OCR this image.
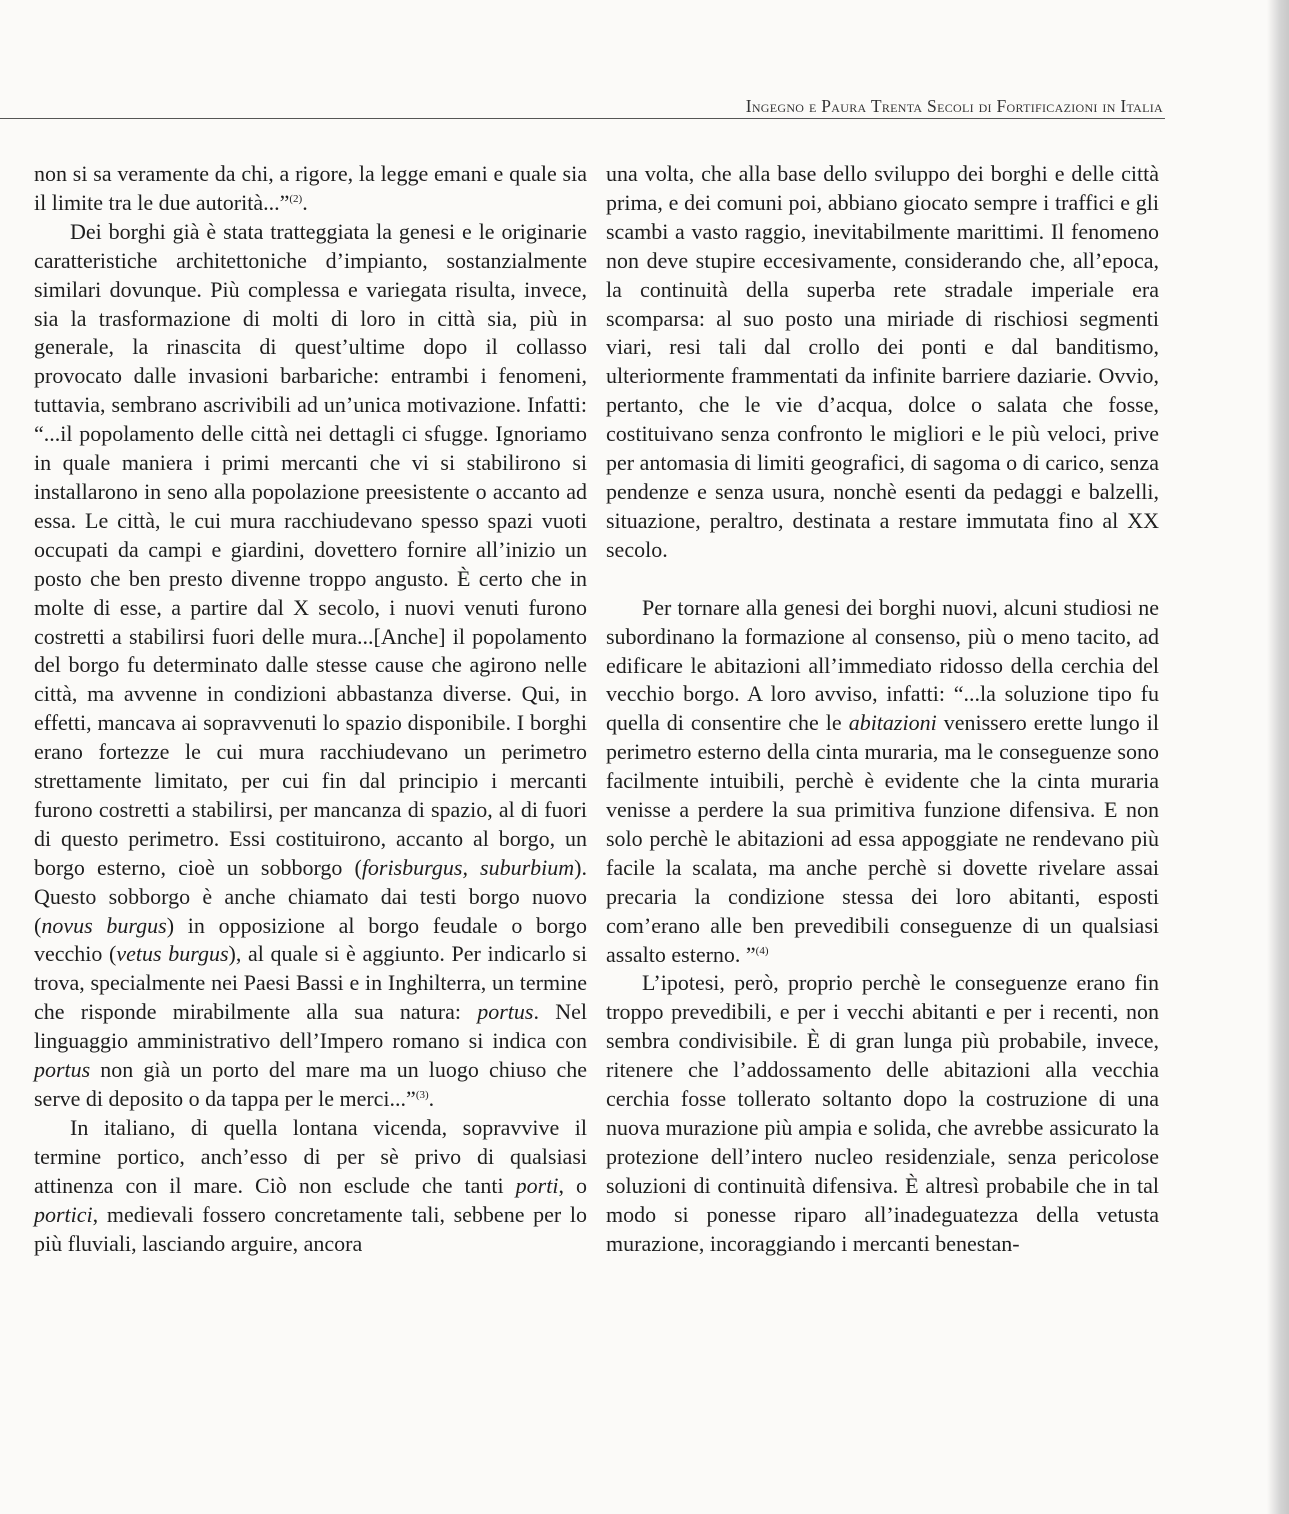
Ingegno e Paura Trenta Secoli di Fortificazioni in Italia

non si sa veramente da chi, a rigore, la legge emani e quale sia il limite tra le due autorità...”$^{(2)}$.

Dei borghi già è stata tratteggiata la genesi e le originarie caratteristiche architettoniche d’impianto, sostanzialmente similari dovunque. Più complessa e variegata risulta, invece, sia la trasformazione di molti di loro in città sia, più in generale, la rinascita di quest’ultime dopo il collasso provocato dalle invasioni barbariche: entrambi i fenomeni, tuttavia, sembrano ascrivibili ad un’unica motivazione. Infatti: “...il popolamento delle città nei dettagli ci sfugge. Ignoriamo in quale maniera i primi mercanti che vi si stabilirono si installarono in seno alla popolazione preesistente o accanto ad essa. Le città, le cui mura racchiudevano spesso spazi vuoti occupati da campi e giardini, dovettero fornire all’inizio un posto che ben presto divenne troppo angusto. È certo che in molte di esse, a partire dal X secolo, i nuovi venuti furono costretti a stabilirsi fuori delle mura...[Anche] il popolamento del borgo fu determinato dalle stesse cause che agirono nelle città, ma avvenne in condizioni abbastanza diverse. Qui, in effetti, mancava ai sopravvenuti lo spazio disponibile. I borghi erano fortezze le cui mura racchiudevano un perimetro strettamente limitato, per cui fin dal principio i mercanti furono costretti a stabilirsi, per mancanza di spazio, al di fuori di questo perimetro. Essi costituirono, accanto al borgo, un borgo esterno, cioè un sobborgo (forisburgus, suburbium). Questo sobborgo è anche chiamato dai testi borgo nuovo (novus burgus) in opposizione al borgo feudale o borgo vecchio (vetus burgus), al quale si è aggiunto. Per indicarlo si trova, specialmente nei Paesi Bassi e in Inghilterra, un termine che risponde mirabilmente alla sua natura: portus. Nel linguaggio amministrativo dell’Impero romano si indica con portus non già un porto del mare ma un luogo chiuso che serve di deposito o da tappa per le merci...”$^{(3)}$.

In italiano, di quella lontana vicenda, sopravvive il termine portico, anch’esso di per sè privo di qualsiasi attinenza con il mare. Ciò non esclude che tanti porti, o portici, medievali fossero concretamente tali, sebbene per lo più fluviali, lasciando arguire, ancora

una volta, che alla base dello sviluppo dei borghi e delle città prima, e dei comuni poi, abbiano giocato sempre i traffici e gli scambi a vasto raggio, inevitabilmente marittimi. Il fenomeno non deve stupire eccesivamente, considerando che, all’epoca, la continuità della superba rete stradale imperiale era scomparsa: al suo posto una miriade di rischiosi segmenti viari, resi tali dal crollo dei ponti e dal banditismo, ulteriormente frammentati da infinite barriere daziarie. Ovvio, pertanto, che le vie d’acqua, dolce o salata che fosse, costituivano senza confronto le migliori e le più veloci, prive per antomasia di limiti geografici, di sagoma o di carico, senza pendenze e senza usura, nonchè esenti da pedaggi e balzelli, situazione, peraltro, destinata a restare immutata fino al XX secolo.

Per tornare alla genesi dei borghi nuovi, alcuni studiosi ne subordinano la formazione al consenso, più o meno tacito, ad edificare le abitazioni all’immediato ridosso della cerchia del vecchio borgo. A loro avviso, infatti: “...la soluzione tipo fu quella di consentire che le abitazioni venissero erette lungo il perimetro esterno della cinta muraria, ma le conseguenze sono facilmente intuibili, perchè è evidente che la cinta muraria venisse a perdere la sua primitiva funzione difensiva. E non solo perchè le abitazioni ad essa appoggiate ne rendevano più facile la scalata, ma anche perchè si dovette rivelare assai precaria la condizione stessa dei loro abitanti, esposti com’erano alle ben prevedibili conseguenze di un qualsiasi assalto esterno. ”$^{(4)}$

L’ipotesi, però, proprio perchè le conseguenze erano fin troppo prevedibili, e per i vecchi abitanti e per i recenti, non sembra condivisibile. È di gran lunga più probabile, invece, ritenere che l’addossamento delle abitazioni alla vecchia cerchia fosse tollerato soltanto dopo la costruzione di una nuova murazione più ampia e solida, che avrebbe assicurato la protezione dell’intero nucleo residenziale, senza pericolose soluzioni di continuità difensiva. È altresì probabile che in tal modo si ponesse riparo all’inadeguatezza della vetusta murazione, incoraggiando i mercanti benestan-
